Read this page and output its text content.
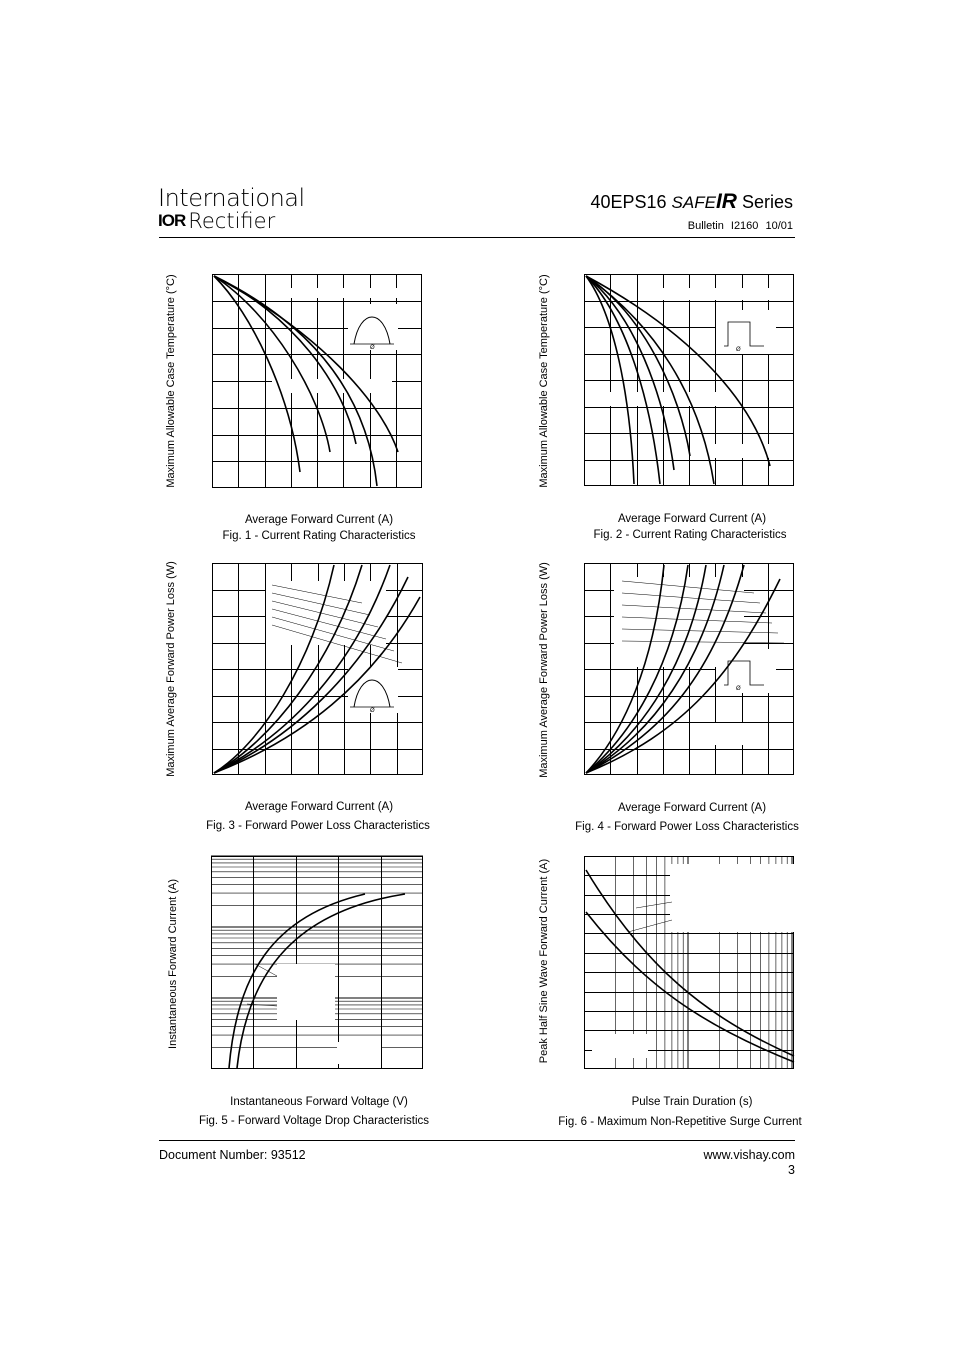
International
IOR Rectifier
40EPS16 SAFEIR Series
Bulletin I2160 10/01
Ø
Maximum Allowable Case Temperature (°C)
Average Forward Current (A)
Fig. 1 - Current Rating Characteristics
Ø
Maximum Allowable Case Temperature (°C)
Average Forward Current (A)
Fig. 2 - Current Rating Characteristics
Ø
Maximum Average Forward Power Loss (W)
Average Forward Current (A)
Fig. 3 - Forward Power Loss Characteristics
Ø
Maximum Average Forward Power Loss (W)
Average Forward Current (A)
Fig. 4 - Forward Power Loss Characteristics
Instantaneous Forward Current (A)
Instantaneous Forward Voltage (V)
Fig. 5 - Forward Voltage Drop Characteristics
Peak Half Sine Wave Forward Current (A)
Pulse Train Duration (s)
Fig. 6 - Maximum Non-Repetitive Surge Current
Document Number: 93512	www.vishay.com
3
